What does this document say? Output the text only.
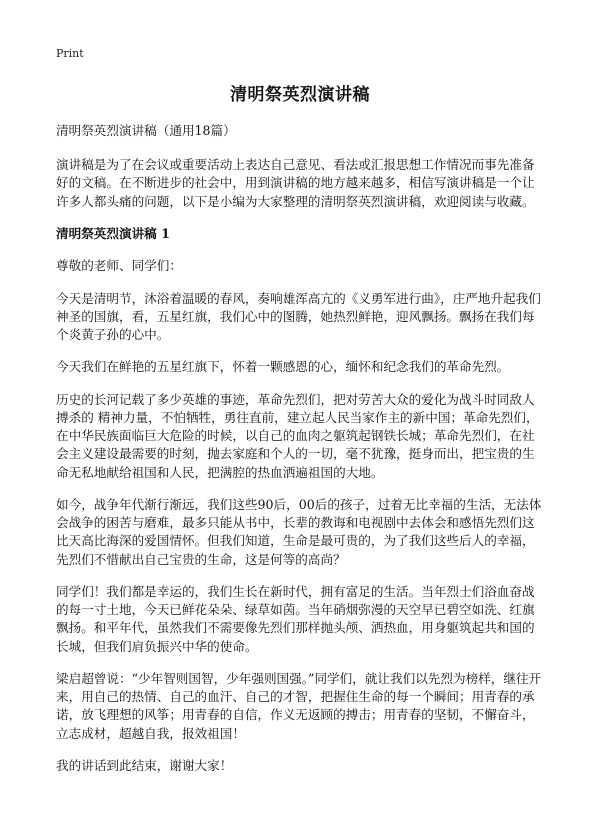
Print
清明祭英烈演讲稿

清明祭英烈演讲稿（通用18篇）

演讲稿是为了在会议或重要活动上表达自己意见、看法或汇报思想工作情况而事先准备好的文稿。在不断进步的社会中，用到演讲稿的地方越来越多，相信写演讲稿是一个让许多人都头痛的问题，以下是小编为大家整理的清明祭英烈演讲稿，欢迎阅读与收藏。

清明祭英烈演讲稿 1

尊敬的老师、同学们：

今天是清明节，沐浴着温暖的春风，奏响雄浑高亢的《义勇军进行曲》，庄严地升起我们神圣的国旗，看，五星红旗，我们心中的图腾，她热烈鲜艳，迎风飘扬。飘扬在我们每个炎黄子孙的心中。

今天我们在鲜艳的五星红旗下，怀着一颗感恩的心，缅怀和纪念我们的革命先烈。

历史的长河记载了多少英雄的事迹，革命先烈们，把对劳苦大众的爱化为战斗时同敌人搏杀的 精神力量，不怕牺牲，勇往直前，建立起人民当家作主的新中国；革命先烈们，在中华民族面临巨大危险的时候，以自己的血肉之躯筑起钢铁长城；革命先烈们，在社会主义建设最需要的时刻，抛去家庭和个人的一切，毫不犹豫，挺身而出，把宝贵的生命无私地献给祖国和人民，把满腔的热血洒遍祖国的大地。

如今，战争年代渐行渐远，我们这些90后，00后的孩子，过着无比幸福的生活，无法体会战争的困苦与磨难，最多只能从书中，长辈的教诲和电视剧中去体会和感悟先烈们这比天高比海深的爱国情怀。但我们知道，生命是最可贵的，为了我们这些后人的幸福，先烈们不惜献出自己宝贵的生命，这是何等的高尚？

同学们！我们都是幸运的，我们生长在新时代，拥有富足的生活。当年烈士们浴血奋战的每一寸土地，今天已鲜花朵朵、绿草如茵。当年硝烟弥漫的天空早已碧空如洗、红旗飘扬。和平年代，虽然我们不需要像先烈们那样抛头颅、洒热血，用身躯筑起共和国的长城，但我们肩负振兴中华的使命。

梁启超曾说：“少年智则国智，少年强则国强。”同学们，就让我们以先烈为榜样，继往开来，用自己的热情、自己的血汗、自己的才智，把握住生命的每一个瞬间；用青春的承诺，放飞理想的风筝；用青春的自信，作义无返顾的搏击；用青春的坚韧，不懈奋斗，立志成材，超越自我，报效祖国！

我的讲话到此结束，谢谢大家！
